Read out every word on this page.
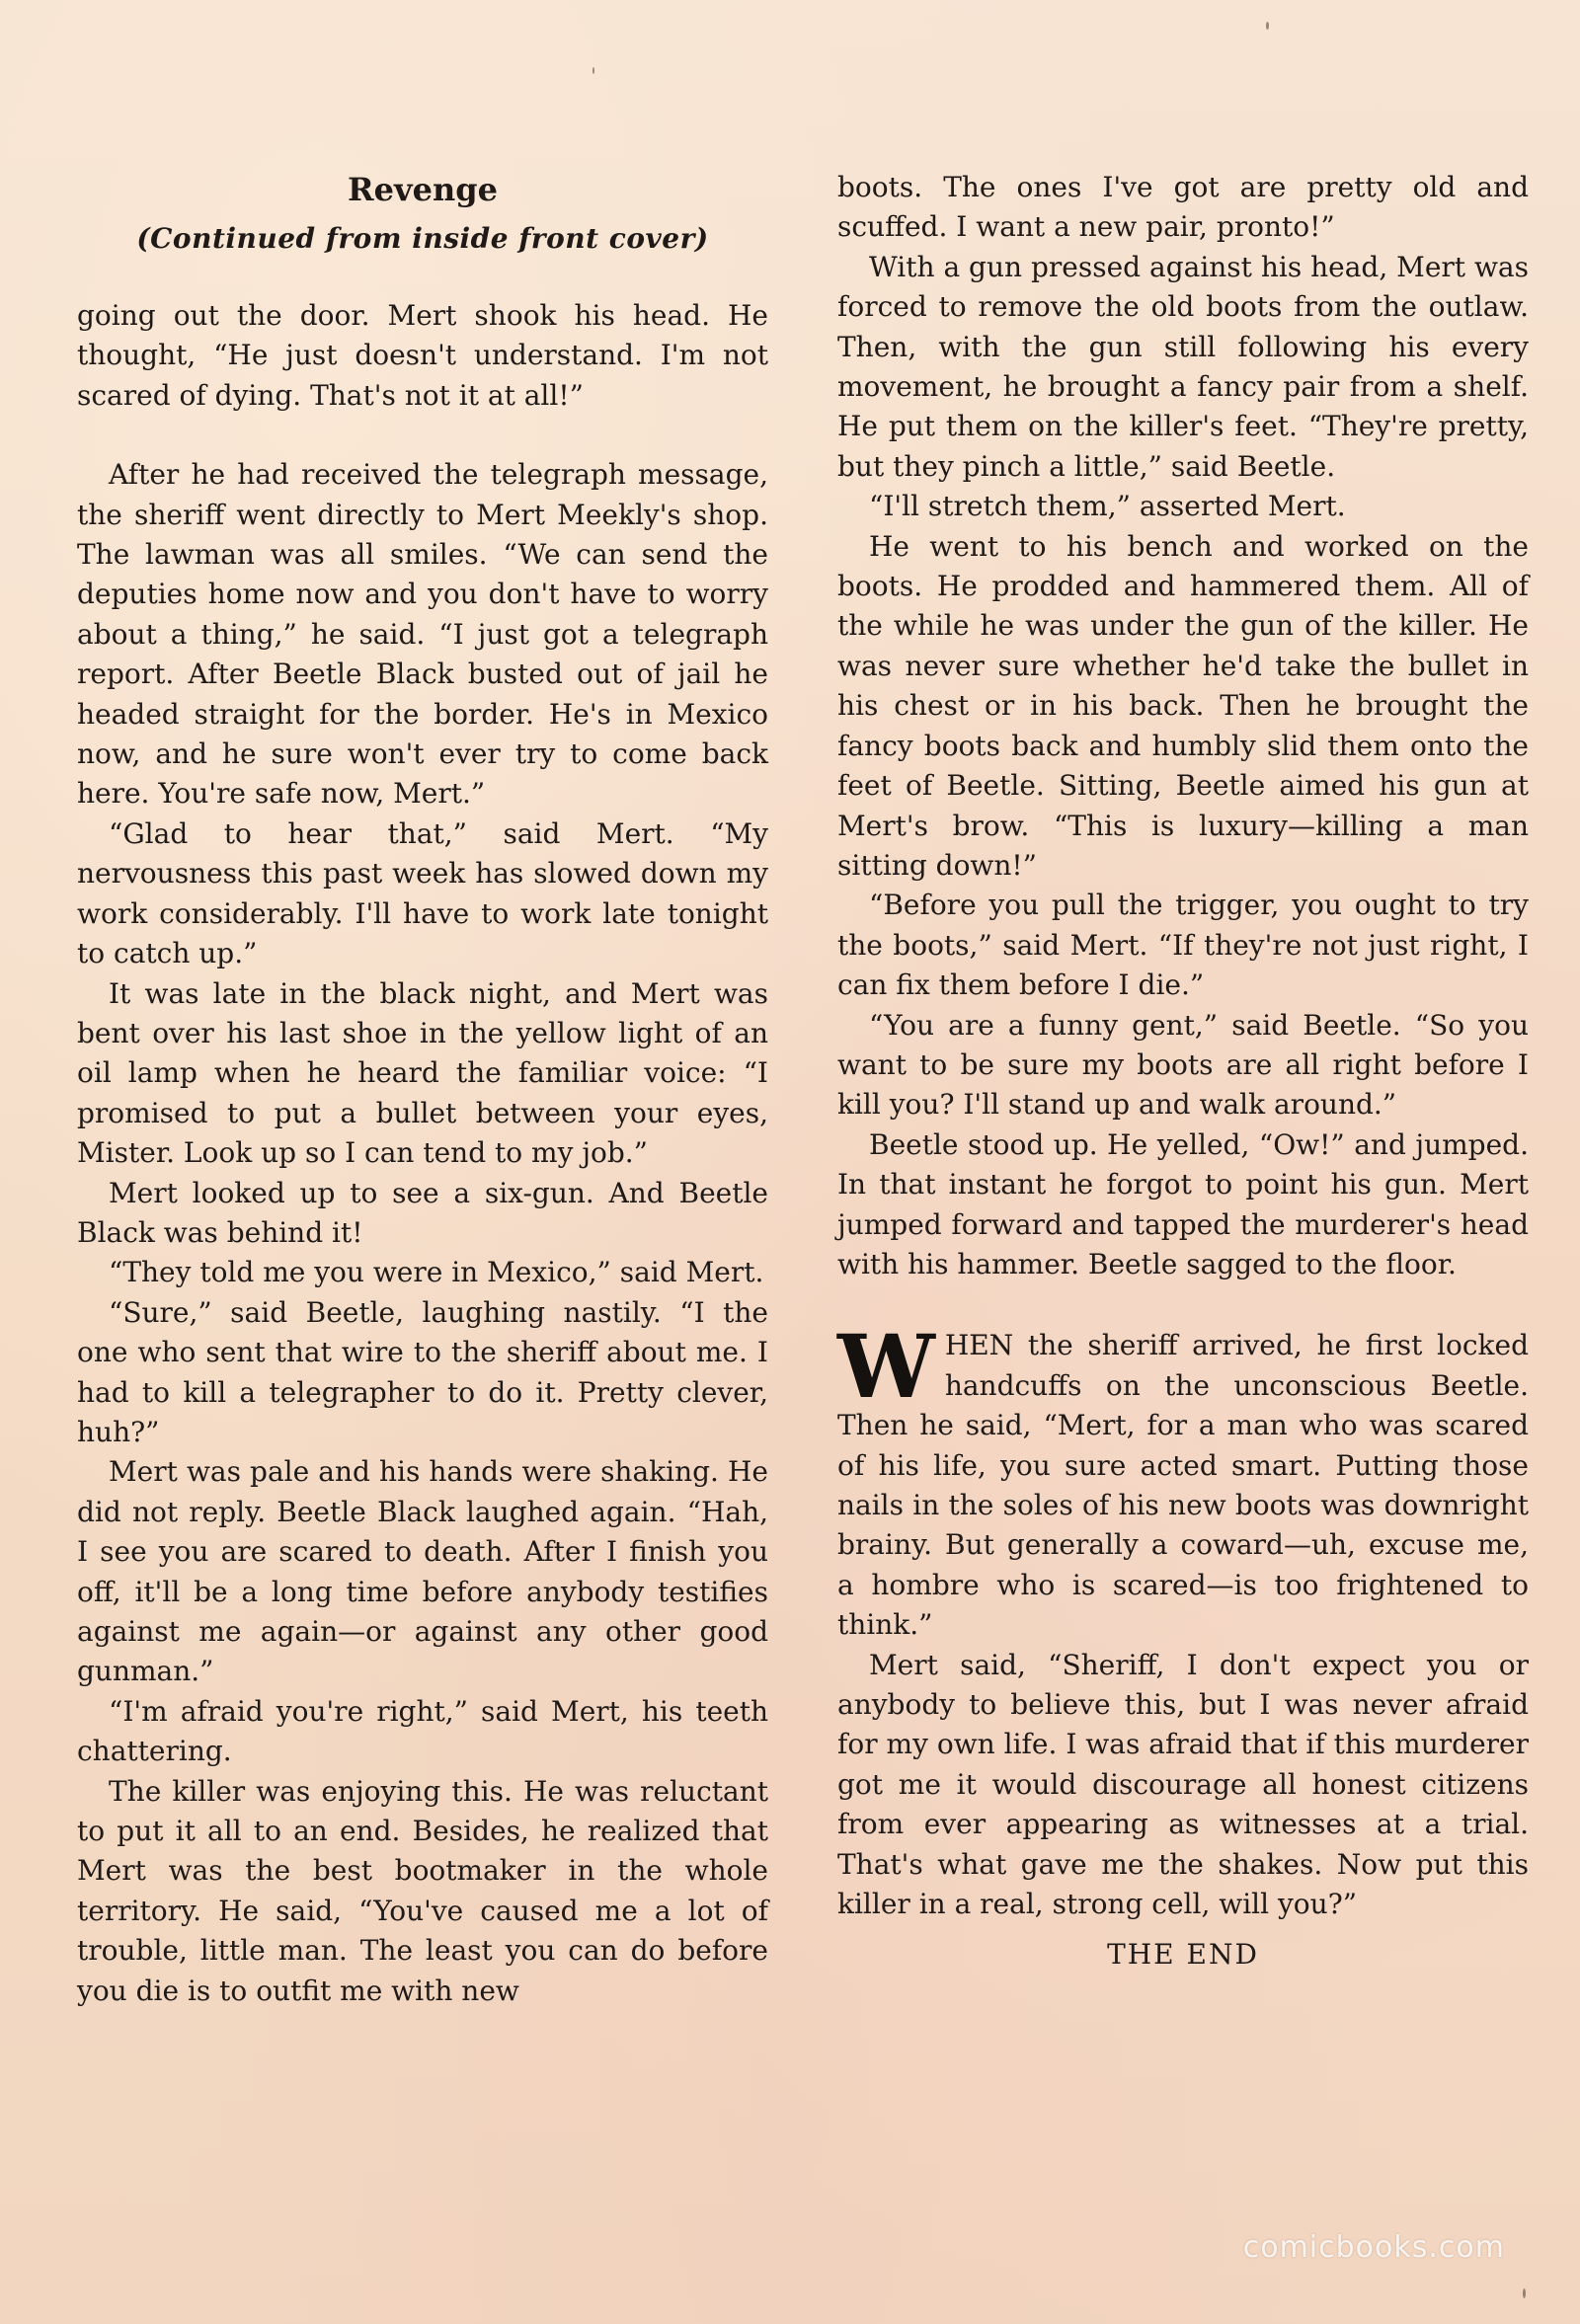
Revenge
(Continued from inside front cover)

going out the door. Mert shook his head. He thought, “He just doesn't understand. I'm not scared of dying. That's not it at all!”

After he had received the telegraph message, the sheriff went directly to Mert Meekly's shop. The lawman was all smiles. “We can send the deputies home now and you don't have to worry about a thing,” he said. “I just got a telegraph report. After Beetle Black busted out of jail he headed straight for the border. He's in Mexico now, and he sure won't ever try to come back here. You're safe now, Mert.”

“Glad to hear that,” said Mert. “My nervousness this past week has slowed down my work considerably. I'll have to work late tonight to catch up.”

It was late in the black night, and Mert was bent over his last shoe in the yellow light of an oil lamp when he heard the familiar voice: “I promised to put a bullet between your eyes, Mister. Look up so I can tend to my job.”

Mert looked up to see a six-gun. And Beetle Black was behind it!

“They told me you were in Mexico,” said Mert.

“Sure,” said Beetle, laughing nastily. “I the one who sent that wire to the sheriff about me. I had to kill a telegrapher to do it. Pretty clever, huh?”

Mert was pale and his hands were shaking. He did not reply. Beetle Black laughed again. “Hah, I see you are scared to death. After I finish you off, it'll be a long time before anybody testifies against me again—or against any other good gunman.”

“I'm afraid you're right,” said Mert, his teeth chattering.

The killer was enjoying this. He was reluctant to put it all to an end. Besides, he realized that Mert was the best bootmaker in the whole territory. He said, “You've caused me a lot of trouble, little man. The least you can do before you die is to outfit me with new

boots. The ones I've got are pretty old and scuffed. I want a new pair, pronto!”

With a gun pressed against his head, Mert was forced to remove the old boots from the outlaw. Then, with the gun still following his every movement, he brought a fancy pair from a shelf. He put them on the killer's feet. “They're pretty, but they pinch a little,” said Beetle.

“I'll stretch them,” asserted Mert.

He went to his bench and worked on the boots. He prodded and hammered them. All of the while he was under the gun of the killer. He was never sure whether he'd take the bullet in his chest or in his back. Then he brought the fancy boots back and humbly slid them onto the feet of Beetle. Sitting, Beetle aimed his gun at Mert's brow. “This is luxury—killing a man sitting down!”

“Before you pull the trigger, you ought to try the boots,” said Mert. “If they're not just right, I can fix them before I die.”

“You are a funny gent,” said Beetle. “So you want to be sure my boots are all right before I kill you? I'll stand up and walk around.”

Beetle stood up. He yelled, “Ow!” and jumped. In that instant he forgot to point his gun. Mert jumped forward and tapped the murderer's head with his hammer. Beetle sagged to the floor.

WHEN the sheriff arrived, he first locked handcuffs on the unconscious Beetle. Then he said, “Mert, for a man who was scared of his life, you sure acted smart. Putting those nails in the soles of his new boots was downright brainy. But generally a coward—uh, excuse me, a hombre who is scared—is too frightened to think.”

Mert said, “Sheriff, I don't expect you or anybody to believe this, but I was never afraid for my own life. I was afraid that if this murderer got me it would discourage all honest citizens from ever appearing as witnesses at a trial. That's what gave me the shakes. Now put this killer in a real, strong cell, will you?”

THE END
comicbooks.com
